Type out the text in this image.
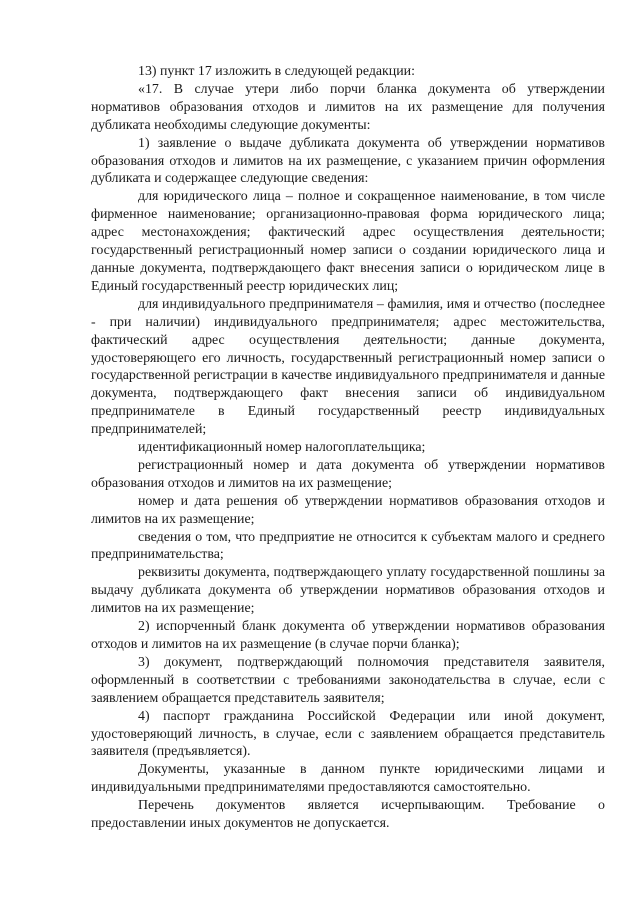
13) пункт 17 изложить в следующей редакции:

«17. В случае утери либо порчи бланка документа об утверждении нормативов образования отходов и лимитов на их размещение для получения дубликата необходимы следующие документы:

1) заявление о выдаче дубликата документа об утверждении нормативов образования отходов и лимитов на их размещение, с указанием причин оформления дубликата и содержащее следующие сведения:

для юридического лица – полное и сокращенное наименование, в том числе фирменное наименование; организационно-правовая форма юридического лица; адрес местонахождения; фактический адрес осуществления деятельности; государственный регистрационный номер записи о создании юридического лица и данные документа, подтверждающего факт внесения записи о юридическом лице в Единый государственный реестр юридических лиц;

для индивидуального предпринимателя – фамилия, имя и отчество (последнее - при наличии) индивидуального предпринимателя; адрес местожительства, фактический адрес осуществления деятельности; данные документа, удостоверяющего его личность, государственный регистрационный номер записи о государственной регистрации в качестве индивидуального предпринимателя и данные документа, подтверждающего факт внесения записи об индивидуальном предпринимателе в Единый государственный реестр индивидуальных предпринимателей;

идентификационный номер налогоплательщика;

регистрационный номер и дата документа об утверждении нормативов образования отходов и лимитов на их размещение;

номер и дата решения об утверждении нормативов образования отходов и лимитов на их размещение;

сведения о том, что предприятие не относится к субъектам малого и среднего предпринимательства;

реквизиты документа, подтверждающего уплату государственной пошлины за выдачу дубликата документа об утверждении нормативов образования отходов и лимитов на их размещение;

2) испорченный бланк документа об утверждении нормативов образования отходов и лимитов на их размещение (в случае порчи бланка);

3) документ, подтверждающий полномочия представителя заявителя, оформленный в соответствии с требованиями законодательства в случае, если с заявлением обращается представитель заявителя;

4) паспорт гражданина Российской Федерации или иной документ, удостоверяющий личность, в случае, если с заявлением обращается представитель заявителя (предъявляется).

Документы, указанные в данном пункте юридическими лицами и индивидуальными предпринимателями предоставляются самостоятельно.

Перечень документов является исчерпывающим. Требование о предоставлении иных документов не допускается.
